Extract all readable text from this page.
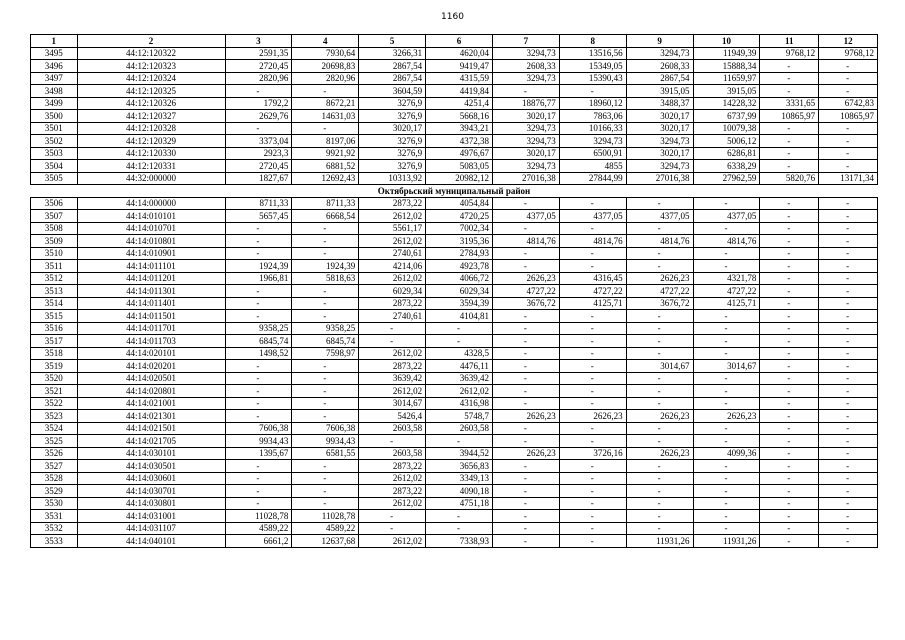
1160
1	2	3	4	5	6	7	8	9	10	11	12
3495	44:12:120322	2591,35	7930,64	3266,31	4620,04	3294,73	13516,56	3294,73	11949,39	9768,12	9768,12
3496	44:12:120323	2720,45	20698,83	2867,54	9419,47	2608,33	15349,05	2608,33	15888,34	-	-
3497	44:12:120324	2820,96	2820,96	2867,54	4315,59	3294,73	15390,43	2867,54	11659,97	-	-
3498	44:12:120325	-	-	3604,59	4419,84	-	-	3915,05	3915,05	-	-
3499	44:12:120326	1792,2	8672,21	3276,9	4251,4	18876,77	18960,12	3488,37	14228,32	3331,65	6742,83
3500	44:12:120327	2629,76	14631,03	3276,9	5668,16	3020,17	7863,06	3020,17	6737,99	10865,97	10865,97
3501	44:12:120328	-	-	3020,17	3943,21	3294,73	10166,33	3020,17	10079,38	-	-
3502	44:12:120329	3373,04	8197,06	3276,9	4372,38	3294,73	3294,73	3294,73	5006,12	-	-
3503	44:12:120330	2923,3	9921,92	3276,9	4976,67	3020,17	6500,91	3020,17	6286,81	-	-
3504	44:12:120331	2720,45	6881,52	3276,9	5083,05	3294,73	4855	3294,73	6338,29	-	-
3505	44:32:000000	1827,67	12692,43	10313,92	20982,12	27016,38	27844,99	27016,38	27962,59	5820,76	13171,34
Октябрьский муниципальный район											
3506	44:14:000000	8711,33	8711,33	2873,22	4054,84	-	-	-	-	-	-
3507	44:14:010101	5657,45	6668,54	2612,02	4720,25	4377,05	4377,05	4377,05	4377,05	-	-
3508	44:14:010701	-	-	5561,17	7002,34	-	-	-	-	-	-
3509	44:14:010801	-	-	2612,02	3195,36	4814,76	4814,76	4814,76	4814,76	-	-
3510	44:14:010901	-	-	2740,61	2784,93	-	-	-	-	-	-
3511	44:14:011101	1924,39	1924,39	4214,06	4923,78	-	-	-	-	-	-
3512	44:14:011201	1966,81	5818,63	2612,02	4066,72	2626,23	4316,45	2626,23	4321,78	-	-
3513	44:14:011301	-	-	6029,34	6029,34	4727,22	4727,22	4727,22	4727,22	-	-
3514	44:14:011401	-	-	2873,22	3594,39	3676,72	4125,71	3676,72	4125,71	-	-
3515	44:14:011501	-	-	2740,61	4104,81	-	-	-	-	-	-
3516	44:14:011701	9358,25	9358,25	-	-	-	-	-	-	-	-
3517	44:14:011703	6845,74	6845,74	-	-	-	-	-	-	-	-
3518	44:14:020101	1498,52	7598,97	2612,02	4328,5	-	-	-	-	-	-
3519	44:14:020201	-	-	2873,22	4476,11	-	-	3014,67	3014,67	-	-
3520	44:14:020501	-	-	3639,42	3639,42	-	-	-	-	-	-
3521	44:14:020801	-	-	2612,02	2612,02	-	-	-	-	-	-
3522	44:14:021001	-	-	3014,67	4316,98	-	-	-	-	-	-
3523	44:14:021301	-	-	5426,4	5748,7	2626,23	2626,23	2626,23	2626,23	-	-
3524	44:14:021501	7606,38	7606,38	2603,58	2603,58	-	-	-	-	-	-
3525	44:14:021705	9934,43	9934,43	-	-	-	-	-	-	-	-
3526	44:14:030101	1395,67	6581,55	2603,58	3944,52	2626,23	3726,16	2626,23	4099,36	-	-
3527	44:14:030501	-	-	2873,22	3656,83	-	-	-	-	-	-
3528	44:14:030601	-	-	2612,02	3349,13	-	-	-	-	-	-
3529	44:14:030701	-	-	2873,22	4090,18	-	-	-	-	-	-
3530	44:14:030801	-	-	2612,02	4751,18	-	-	-	-	-	-
3531	44:14:031001	11028,78	11028,78	-	-	-	-	-	-	-	-
3532	44:14:031107	4589,22	4589,22	-	-	-	-	-	-	-	-
3533	44:14:040101	6661,2	12637,68	2612,02	7338,93	-	-	11931,26	11931,26	-	-
